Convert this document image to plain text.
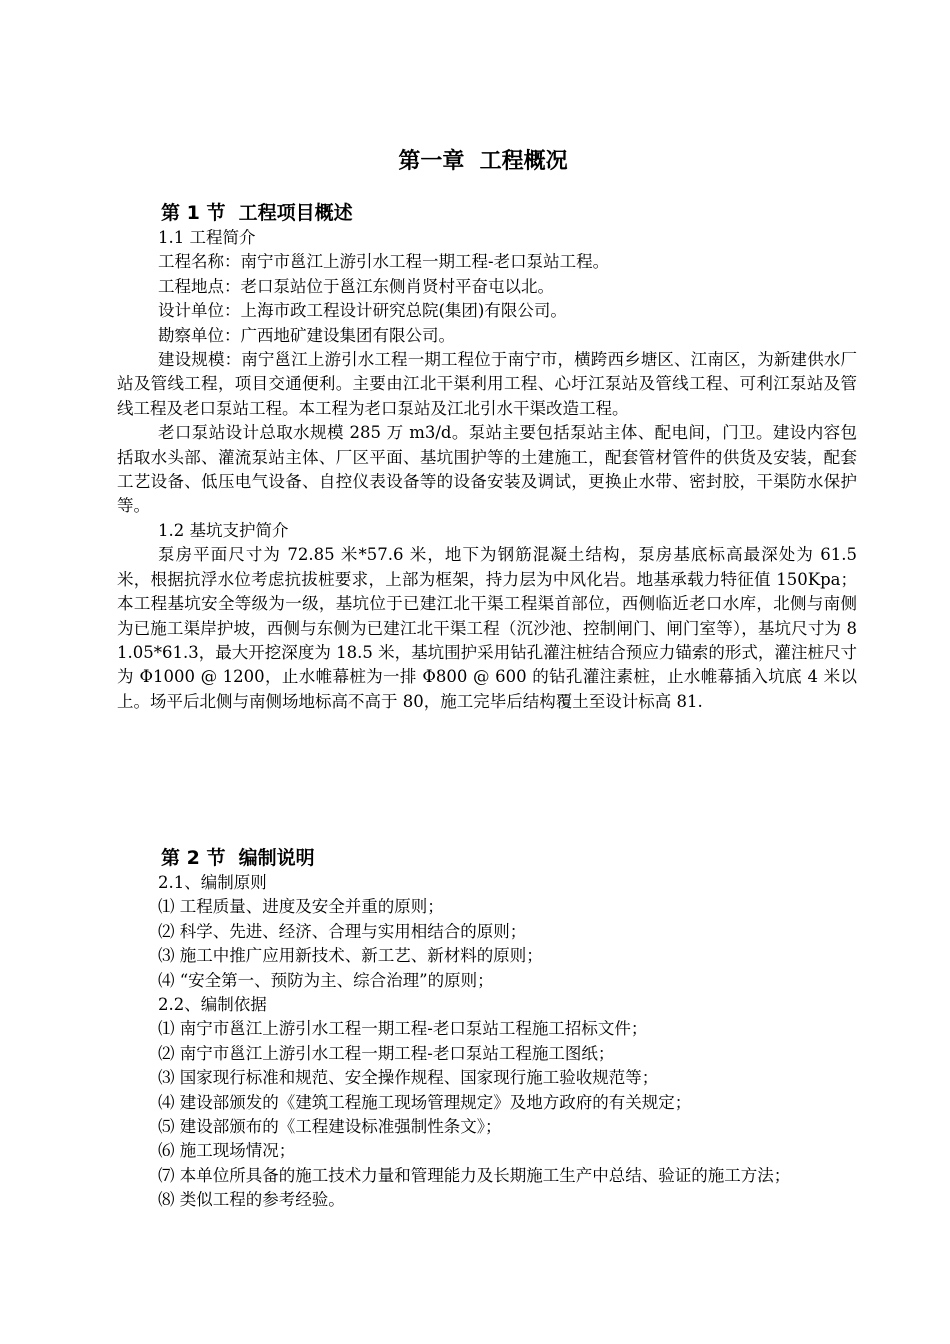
第一章  工程概况
第 1 节  工程项目概述

1.1 工程简介

工程名称：南宁市邕江上游引水工程一期工程-老口泵站工程。

工程地点：老口泵站位于邕江东侧肖贤村平奋屯以北。

设计单位：上海市政工程设计研究总院(集团)有限公司。

勘察单位：广西地矿建设集团有限公司。

建设规模：南宁邕江上游引水工程一期工程位于南宁市，横跨西乡塘区、江南区，为新建供水厂站及管线工程，项目交通便利。主要由江北干渠利用工程、心圩江泵站及管线工程、可利江泵站及管线工程及老口泵站工程。本工程为老口泵站及江北引水干渠改造工程。

老口泵站设计总取水规模 285 万 m3/d。泵站主要包括泵站主体、配电间，门卫。建设内容包括取水头部、灌流泵站主体、厂区平面、基坑围护等的土建施工，配套管材管件的供货及安装，配套工艺设备、低压电气设备、自控仪表设备等的设备安装及调试，更换止水带、密封胶，干渠防水保护等。

1.2 基坑支护简介

泵房平面尺寸为 72.85 米*57.6 米，地下为钢筋混凝土结构，泵房基底标高最深处为 61.5 米，根据抗浮水位考虑抗拔桩要求，上部为框架，持力层为中风化岩。地基承载力特征值 150Kpa；本工程基坑安全等级为一级，基坑位于已建江北干渠工程渠首部位，西侧临近老口水库，北侧与南侧为已施工渠岸护坡，西侧与东侧为已建江北干渠工程（沉沙池、控制闸门、闸门室等），基坑尺寸为 81.05*61.3，最大开挖深度为 18.5 米，基坑围护采用钻孔灌注桩结合预应力锚索的形式，灌注桩尺寸为 Φ1000 @ 1200，止水帷幕桩为一排 Φ800 @ 600 的钻孔灌注素桩，止水帷幕插入坑底 4 米以上。场平后北侧与南侧场地标高不高于 80，施工完毕后结构覆土至设计标高 81.

第 2 节  编制说明

2.1、编制原则

⑴ 工程质量、进度及安全并重的原则；

⑵ 科学、先进、经济、合理与实用相结合的原则；

⑶ 施工中推广应用新技术、新工艺、新材料的原则；

⑷ “安全第一、预防为主、综合治理”的原则；

2.2、编制依据

⑴ 南宁市邕江上游引水工程一期工程-老口泵站工程施工招标文件；

⑵ 南宁市邕江上游引水工程一期工程-老口泵站工程施工图纸；

⑶ 国家现行标准和规范、安全操作规程、国家现行施工验收规范等；

⑷ 建设部颁发的《建筑工程施工现场管理规定》及地方政府的有关规定；

⑸ 建设部颁布的《工程建设标准强制性条文》；

⑹ 施工现场情况；

⑺ 本单位所具备的施工技术力量和管理能力及长期施工生产中总结、验证的施工方法；

⑻ 类似工程的参考经验。
